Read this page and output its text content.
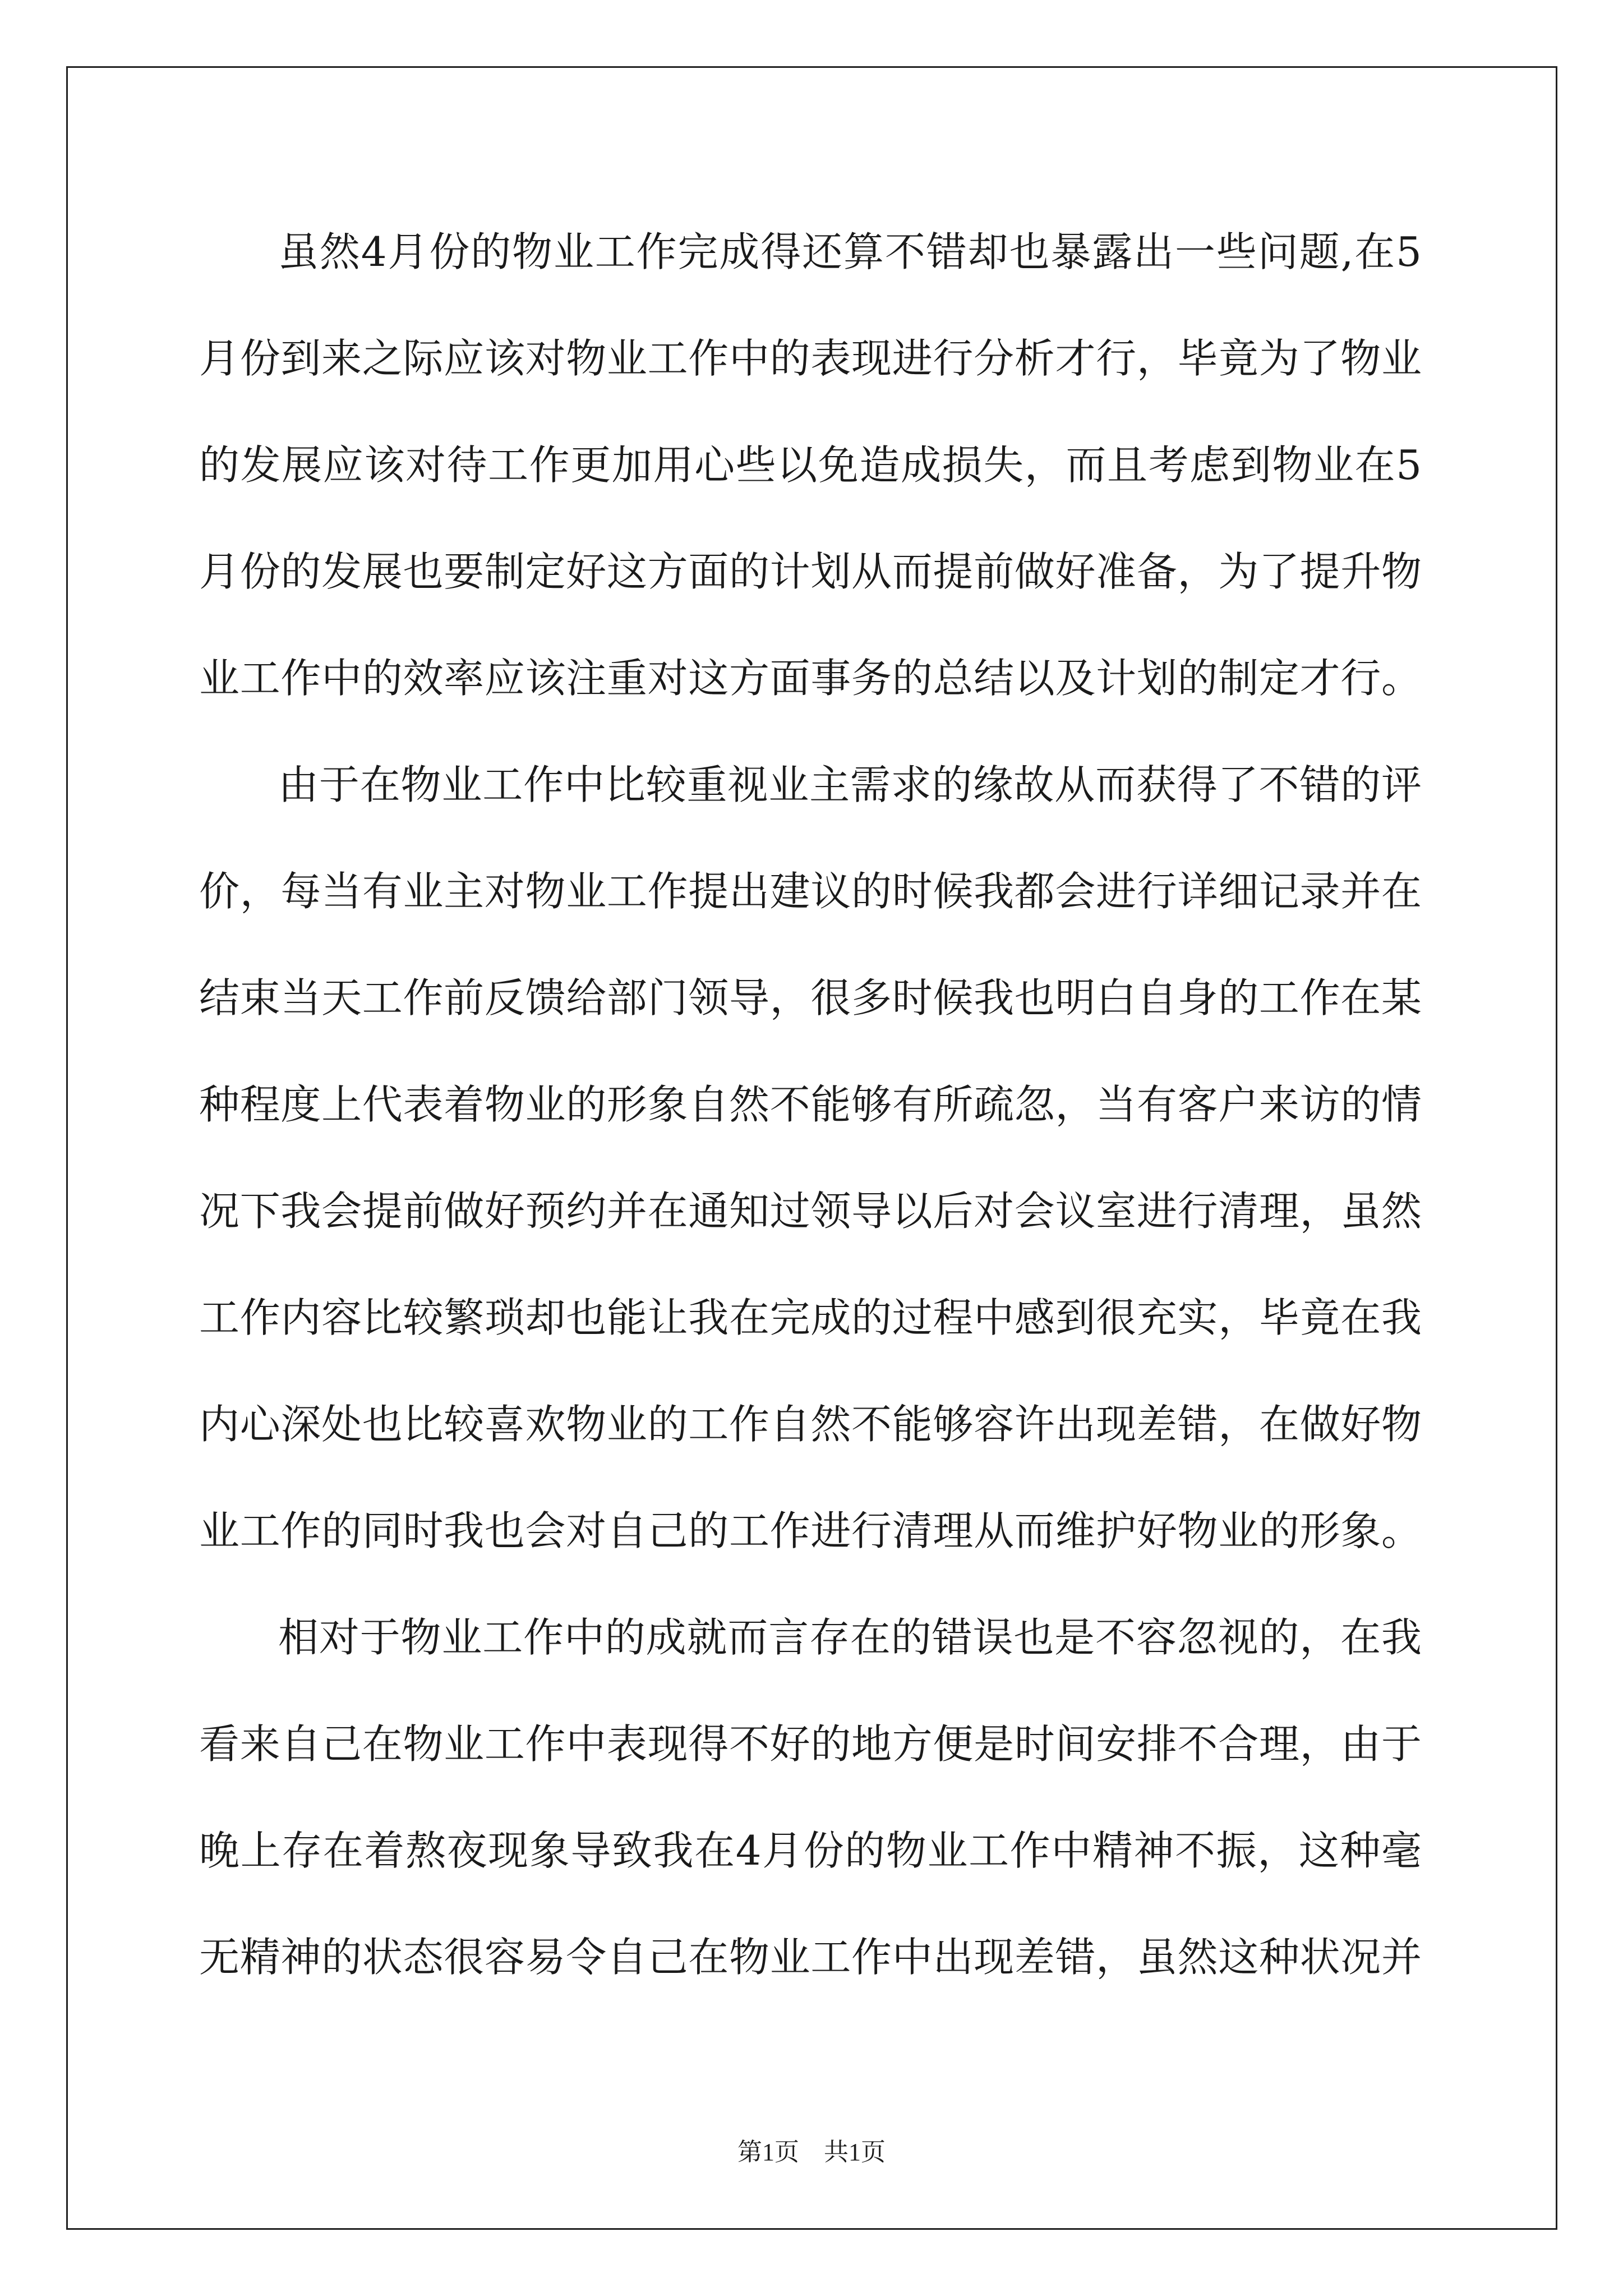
虽然4月份的物业工作完成得还算不错却也暴露出一些问题,在5
月份到来之际应该对物业工作中的表现进行分析才行，毕竟为了物业
的发展应该对待工作更加用心些以免造成损失，而且考虑到物业在5
月份的发展也要制定好这方面的计划从而提前做好准备，为了提升物
业工作中的效率应该注重对这方面事务的总结以及计划的制定才行。
由于在物业工作中比较重视业主需求的缘故从而获得了不错的评
价，每当有业主对物业工作提出建议的时候我都会进行详细记录并在
结束当天工作前反馈给部门领导，很多时候我也明白自身的工作在某
种程度上代表着物业的形象自然不能够有所疏忽，当有客户来访的情
况下我会提前做好预约并在通知过领导以后对会议室进行清理，虽然
工作内容比较繁琐却也能让我在完成的过程中感到很充实，毕竟在我
内心深处也比较喜欢物业的工作自然不能够容许出现差错，在做好物
业工作的同时我也会对自己的工作进行清理从而维护好物业的形象。
相对于物业工作中的成就而言存在的错误也是不容忽视的，在我
看来自己在物业工作中表现得不好的地方便是时间安排不合理，由于
晚上存在着熬夜现象导致我在4月份的物业工作中精神不振，这种毫
无精神的状态很容易令自己在物业工作中出现差错，虽然这种状况并
第1页　共1页
